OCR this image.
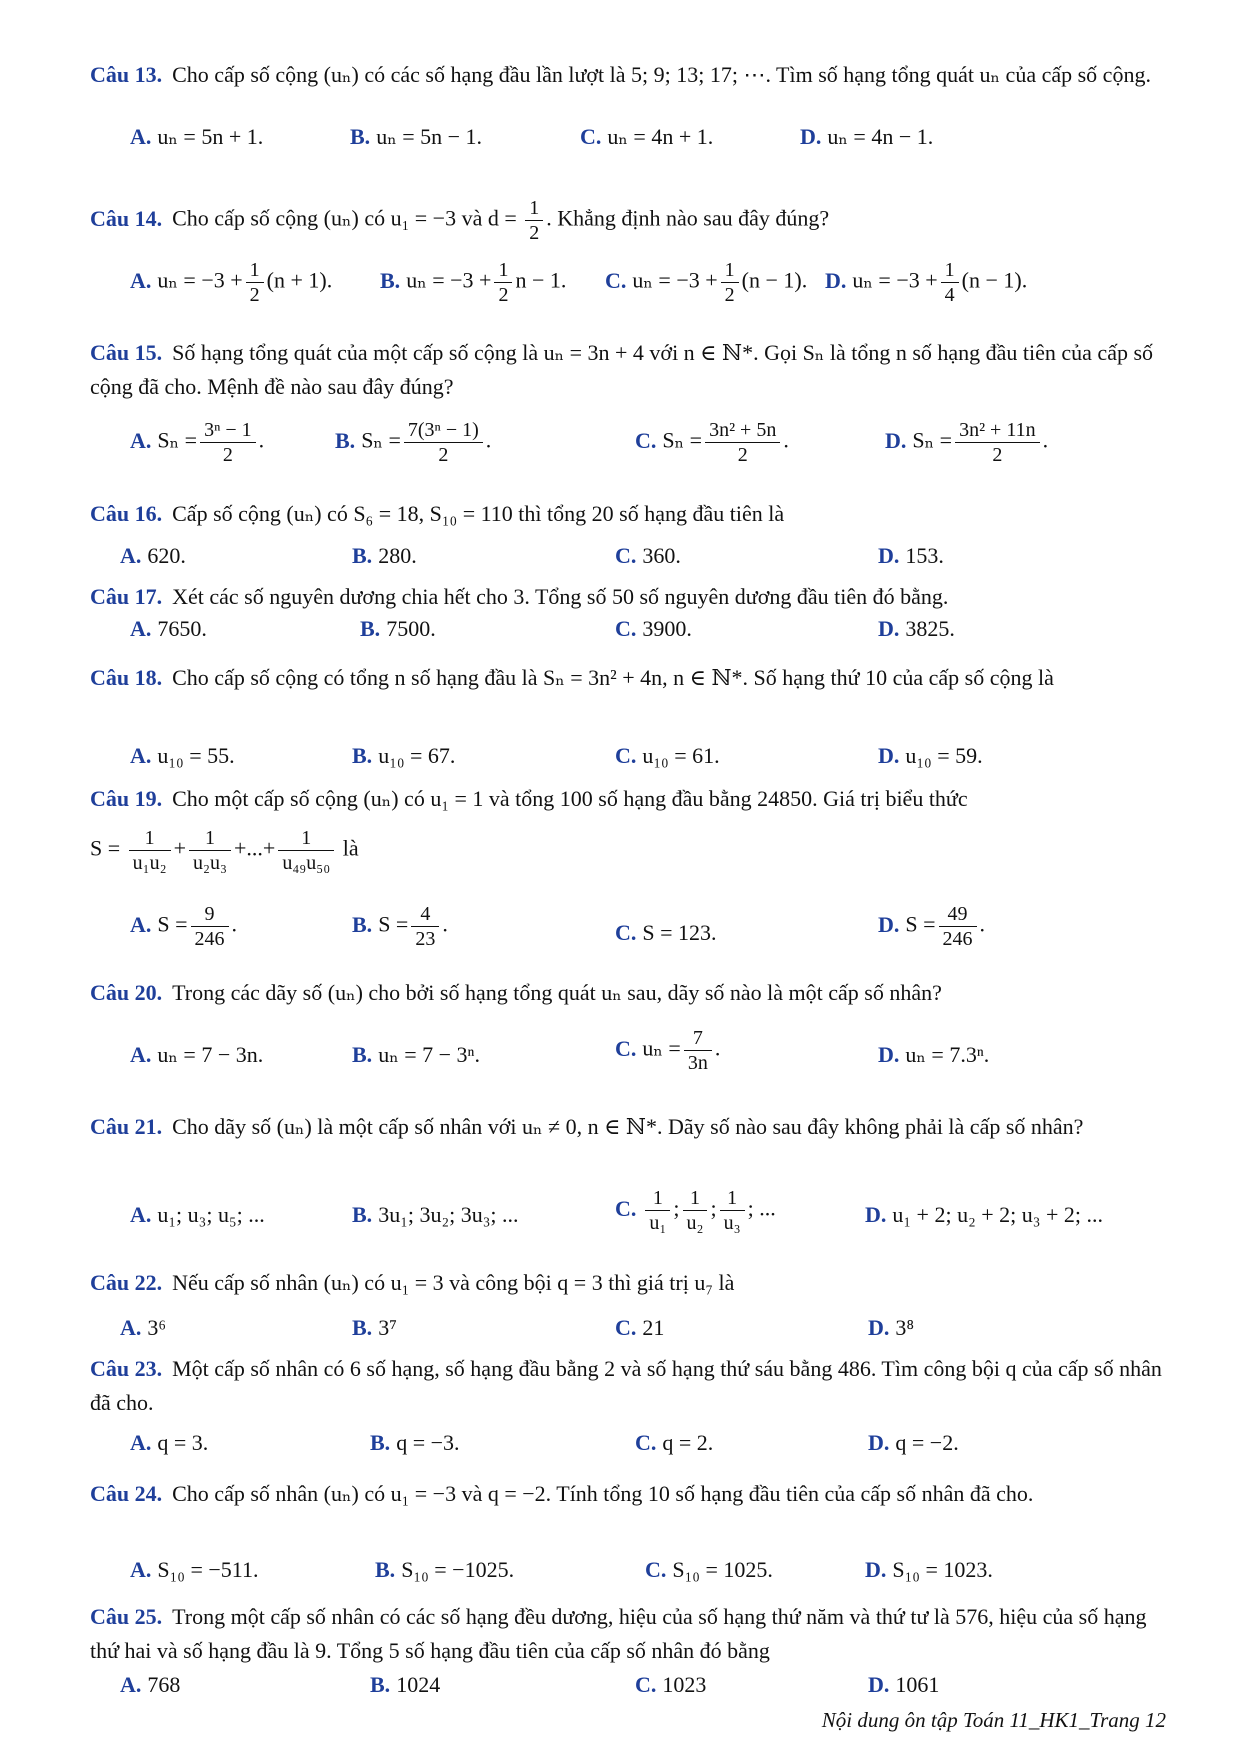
Câu 13. Cho cấp số cộng (uₙ) có các số hạng đầu lần lượt là 5; 9; 13; 17; ⋯. Tìm số hạng tổng quát uₙ của cấp số cộng.
A. uₙ = 5n + 1.	B. uₙ = 5n − 1.	C. uₙ = 4n + 1.	D. uₙ = 4n − 1.
Câu 14. Cho cấp số cộng (uₙ) có u₁ = −3 và $d = \frac{1}{2}$ . Khẳng định nào sau đây đúng?
A. $u_n = -3 + \frac{1}{2} (n + 1)$. B. $u_n = -3 + \frac{1}{2}$ n − 1. C. $u_n = -3 + \frac{1}{2} (n - 1)$. D. $u_n = -3 + \frac{1}{4} (n - 1)$.
Câu 15. Số hạng tổng quát của một cấp số cộng là uₙ = 3n + 4 với n ∈ ℕ*. Gọi Sₙ là tổng n số hạng đầu tiên của cấp số cộng đã cho. Mệnh đề nào sau đây đúng?
A. $S_n = \frac{\text{3ⁿ − 1}}{2}$ .	B. $S_n = \frac{\text{7(3ⁿ − 1)}}{2}$ .	C. $S_n = \frac{\text{3n² + 5n}}{2}$ .	D. $S_n = \frac{\text{3n² + 11n}}{2}$ .
Câu 16. Cấp số cộng (uₙ) có S₆ = 18, S₁₀ = 110 thì tổng 20 số hạng đầu tiên là
A. 620.	B. 280.	C. 360.	D. 153.
Câu 17. Xét các số nguyên dương chia hết cho 3. Tổng số 50 số nguyên dương đầu tiên đó bằng.
A. 7650.	B. 7500.	C. 3900.	D. 3825.
Câu 18. Cho cấp số cộng có tổng n số hạng đầu là Sₙ = 3n² + 4n, n ∈ ℕ*. Số hạng thứ 10 của cấp số cộng là
A. u₁₀ = 55.	B. u₁₀ = 67.	C. u₁₀ = 61.	D. u₁₀ = 59.
Câu 19. Cho một cấp số cộng (uₙ) có u₁ = 1 và tổng 100 số hạng đầu bằng 24850. Giá trị biểu thức
$S = \frac{1}{\text{u₁u₂}} + \frac{1}{\text{u₂u₃}}$ +...+ $\frac{1}{\text{u₄₉u₅₀}}$ là
A. $S = \frac{9}{246}$ .	B. $S = \frac{4}{23}$ .	C. S = 123.	D. $S = \frac{49}{246}$ .
Câu 20. Trong các dãy số (uₙ) cho bởi số hạng tổng quát uₙ sau, dãy số nào là một cấp số nhân?
A. uₙ = 7 − 3n.	B. uₙ = 7 − 3ⁿ.	C. $u_n = \frac{7}{3n}$ .	D. uₙ = 7.3ⁿ.
Câu 21. Cho dãy số (uₙ) là một cấp số nhân với uₙ ≠ 0, n ∈ ℕ*. Dãy số nào sau đây không phải là cấp số nhân?
A. u₁; u₃; u₅; ...	B. 3u₁; 3u₂; 3u₃; ...	C. $\frac{1}{\text{u₁}}$ ; $\frac{1}{\text{u₂}}$ ; $\frac{1}{\text{u₃}}$ ; ...	D. u₁ + 2; u₂ + 2; u₃ + 2; ...
Câu 22. Nếu cấp số nhân (uₙ) có u₁ = 3 và công bội q = 3 thì giá trị u₇ là
A. 3⁶	B. 3⁷	C. 21	D. 3⁸
Câu 23. Một cấp số nhân có 6 số hạng, số hạng đầu bằng 2 và số hạng thứ sáu bằng 486. Tìm công bội q của cấp số nhân đã cho.
A. q = 3.	B. q = −3.	C. q = 2.	D. q = −2.
Câu 24. Cho cấp số nhân (uₙ) có u₁ = −3 và q = −2. Tính tổng 10 số hạng đầu tiên của cấp số nhân đã cho.
A. S₁₀ = −511.	B. S₁₀ = −1025.	C. S₁₀ = 1025.	D. S₁₀ = 1023.
Câu 25. Trong một cấp số nhân có các số hạng đều dương, hiệu của số hạng thứ năm và thứ tư là 576, hiệu của số hạng thứ hai và số hạng đầu là 9. Tổng 5 số hạng đầu tiên của cấp số nhân đó bằng
A. 768	B. 1024	C. 1023	D. 1061
Nội dung ôn tập Toán 11_HK1_Trang 12
